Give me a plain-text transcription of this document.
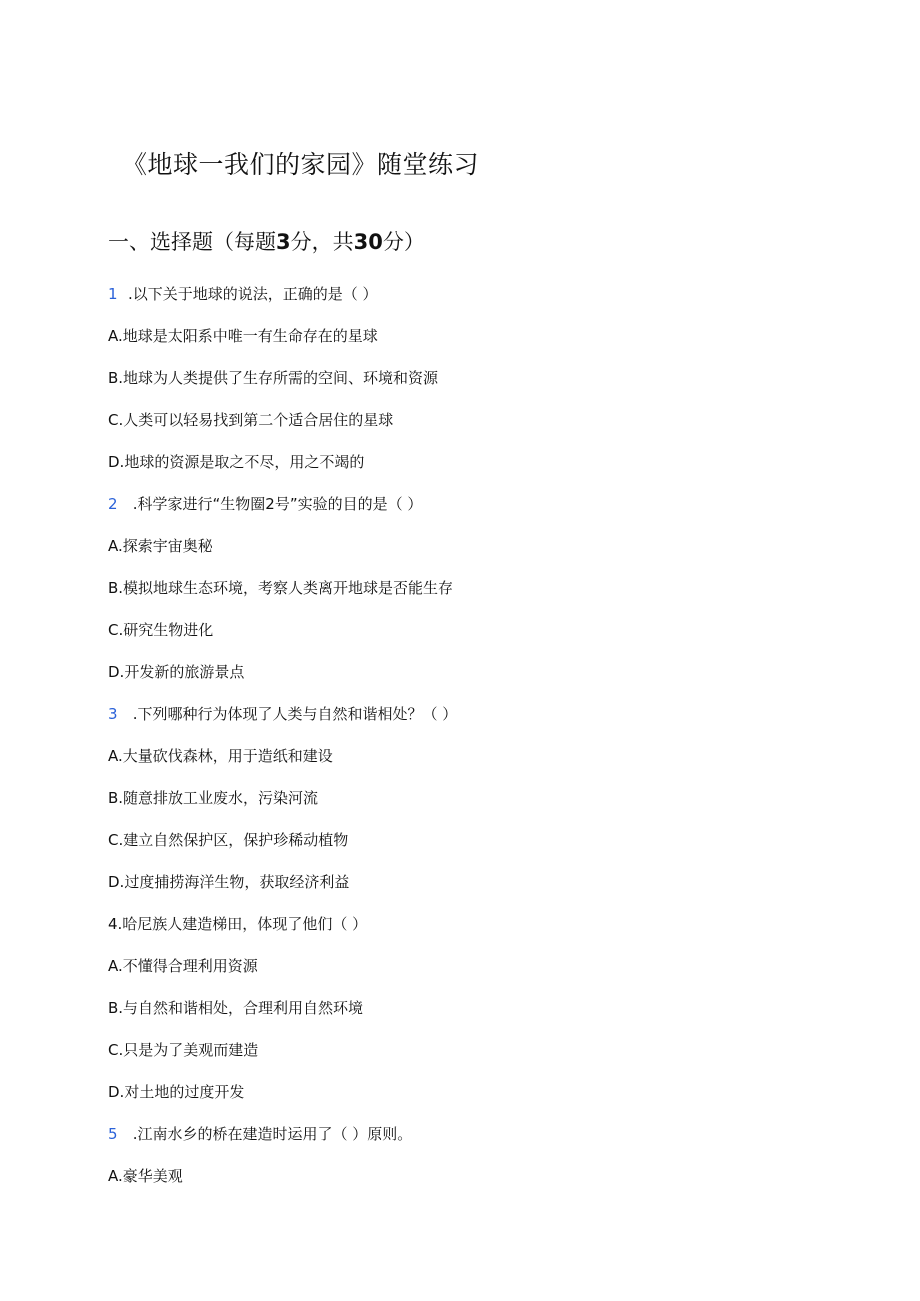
《地球一我们的家园》随堂练习
一、选择题（每题3分，共30分）
1 .以下关于地球的说法，正确的是（ ）
A.地球是太阳系中唯一有生命存在的星球
B.地球为人类提供了生存所需的空间、环境和资源
C.人类可以轻易找到第二个适合居住的星球
D.地球的资源是取之不尽，用之不竭的
2 .科学家进行“生物圈2号”实验的目的是（ ）
A.探索宇宙奥秘
B.模拟地球生态环境，考察人类离开地球是否能生存
C.研究生物进化
D.开发新的旅游景点
3 .下列哪种行为体现了人类与自然和谐相处？（ ）
A.大量砍伐森林，用于造纸和建设
B.随意排放工业废水，污染河流
C.建立自然保护区，保护珍稀动植物
D.过度捕捞海洋生物，获取经济利益
4.哈尼族人建造梯田，体现了他们（ ）
A.不懂得合理利用资源
B.与自然和谐相处，合理利用自然环境
C.只是为了美观而建造
D.对土地的过度开发
5 .江南水乡的桥在建造时运用了（ ）原则。
A.豪华美观
